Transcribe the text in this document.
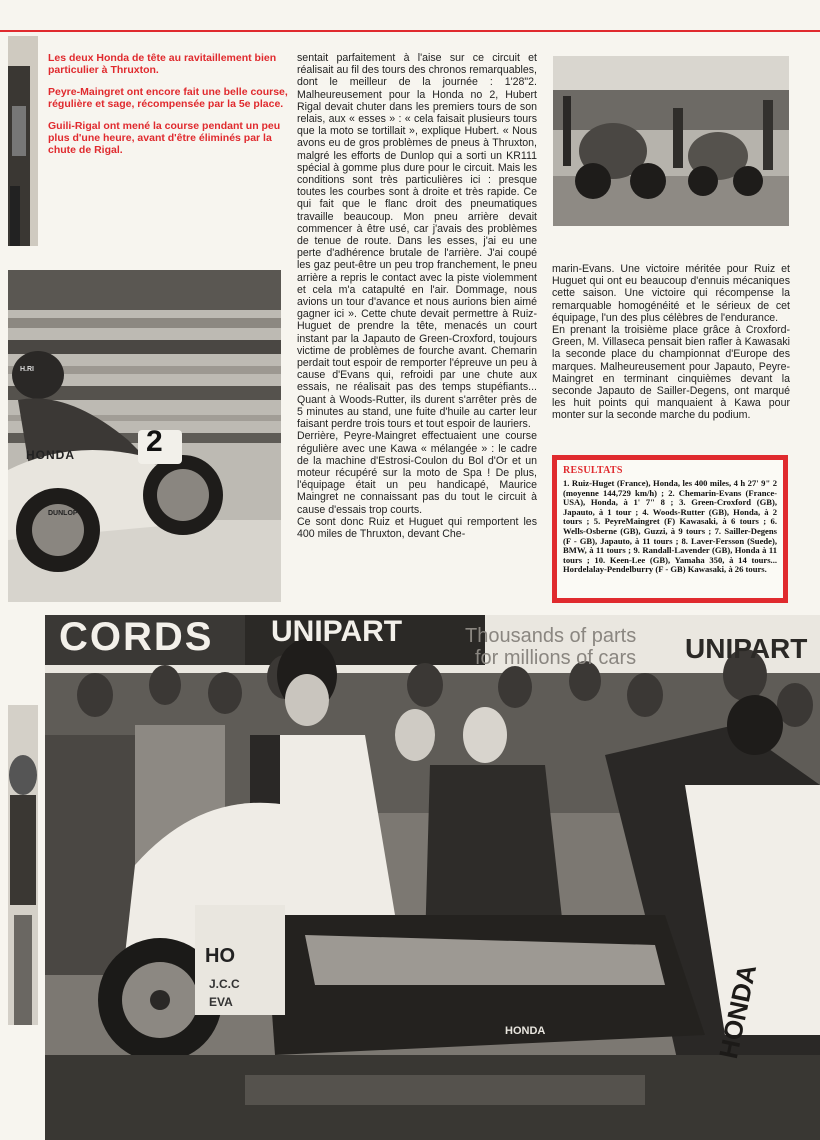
Les deux Honda de tête au ravitaillement bien particulier à Thruxton.

Peyre-Maingret ont encore fait une belle course, régulière et sage, récompensée par la 5e place.

Guili-Rigal ont mené la course pendant un peu plus d'une heure, avant d'être éliminés par la chute de Rigal.

2
HONDA
DUNLOP
H.RI

sentait parfaitement à l'aise sur ce circuit et réalisait au fil des tours des chronos remarquables, dont le meilleur de la journée : 1'28"2. Malheureusement pour la Honda no 2, Hubert Rigal devait chuter dans les premiers tours de son relais, aux « esses » : « cela faisait plusieurs tours que la moto se tortillait », explique Hubert. « Nous avons eu de gros problèmes de pneus à Thruxton, malgré les efforts de Dunlop qui a sorti un KR111 spécial à gomme plus dure pour le circuit. Mais les conditions sont très particulières ici : presque toutes les courbes sont à droite et très rapide. Ce qui fait que le flanc droit des pneumatiques travaille beaucoup. Mon pneu arrière devait commencer à être usé, car j'avais des problèmes de tenue de route. Dans les esses, j'ai eu une perte d'adhérence brutale de l'arrière. J'ai coupé les gaz peut-être un peu trop franchement, le pneu arrière a repris le contact avec la piste violemment et cela m'a catapulté en l'air. Dommage, nous avions un tour d'avance et nous aurions bien aimé gagner ici ». Cette chute devait permettre à Ruiz-Huguet de prendre la tête, menacés un court instant par la Japauto de Green-Croxford, toujours victime de problèmes de fourche avant. Chemarin perdait tout espoir de remporter l'épreuve un peu à cause d'Evans qui, refroidi par une chute aux essais, ne réalisait pas des temps stupéfiants... Quant à Woods-Rutter, ils durent s'arrêter près de 5 minutes au stand, une fuite d'huile au carter leur faisant perdre trois tours et tout espoir de lauriers.

Derrière, Peyre-Maingret effectuaient une course régulière avec une Kawa « mélangée » : le cadre de la machine d'Estrosi-Coulon du Bol d'Or et un moteur récupéré sur la moto de Spa ! De plus, l'équipage était un peu handicapé, Maurice Maingret ne connaissant pas du tout le circuit à cause d'essais trop courts.

Ce sont donc Ruiz et Huguet qui remportent les 400 miles de Thruxton, devant Che-

marin-Evans. Une victoire méritée pour Ruiz et Huguet qui ont eu beaucoup d'ennuis mécaniques cette saison. Une victoire qui récompense la remarquable homogénéité et le sérieux de cet équipage, l'un des plus célèbres de l'endurance.

En prenant la troisième place grâce à Croxford-Green, M. Villaseca pensait bien rafler à Kawasaki la seconde place du championnat d'Europe des marques. Malheureusement pour Japauto, Peyre-Maingret en terminant cinquièmes devant la seconde Japauto de Sailler-Degens, ont marqué les huit points qui manquaient à Kawa pour monter sur la seconde marche du podium.

RESULTATS

1. Ruiz-Huget (France), Honda, les 400 miles, 4 h 27' 9" 2 (moyenne 144,729 km/h) ; 2. Chemarin-Evans (France-USA), Honda, à 1' 7" 8 ; 3. Green-Croxford (GB), Japauto, à 1 tour ; 4. Woods-Rutter (GB), Honda, à 2 tours ; 5. PeyreMaingret (F) Kawasaki, à 6 tours ; 6. Wells-Osberne (GB), Guzzi, à 9 tours ; 7. Sailler-Degens (F - GB), Japauto, à 11 tours ; 8. Laver-Fersson (Suede), BMW, à 11 tours ; 9. Randall-Lavender (GB), Honda à 11 tours ; 10. Keen-Lee (GB), Yamaha 350, à 14 tours... Hordelalay-Pendelburry (F - GB) Kawasaki, à 26 tours.

CORDS UNIPART	Thousands of parts
for millions of cars UNIPART
HO
J.C.C
EVA
HONDA	HONDA
